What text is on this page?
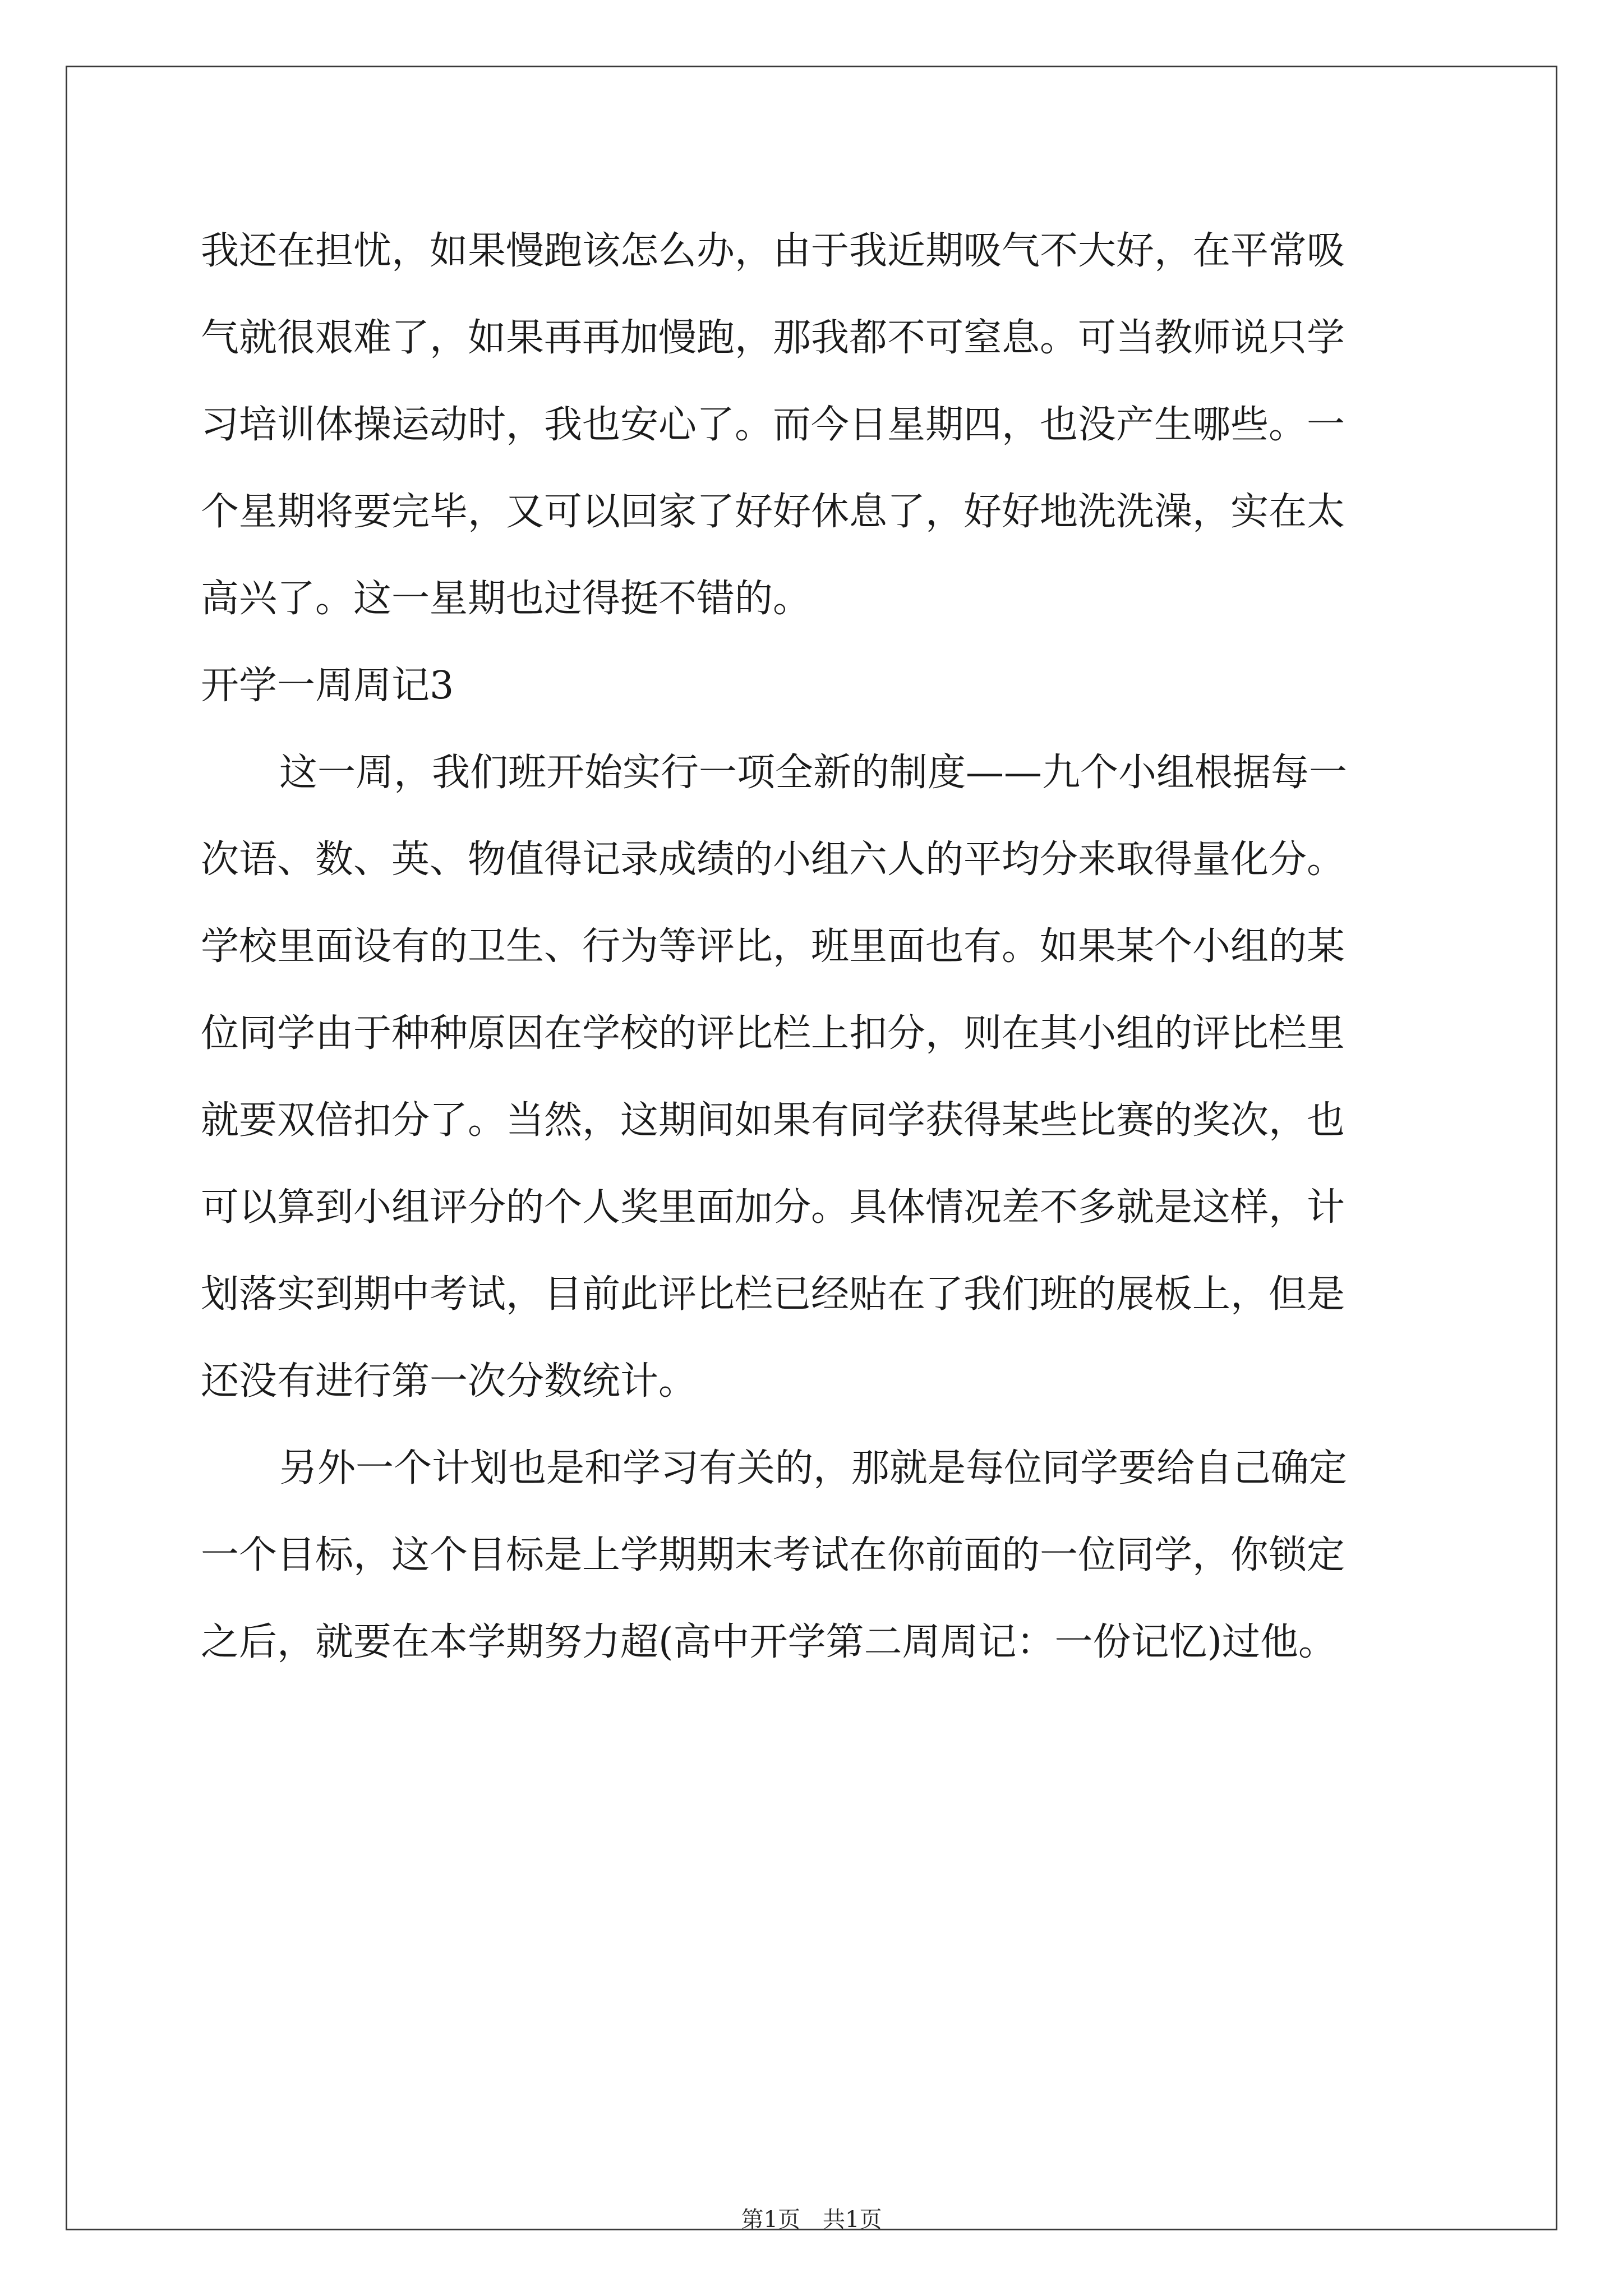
我还在担忧，如果慢跑该怎么办，由于我近期吸气不大好，在平常吸
气就很艰难了，如果再再加慢跑，那我都不可窒息。可当教师说只学
习培训体操运动时，我也安心了。而今日星期四，也没产生哪些。一
个星期将要完毕，又可以回家了好好休息了，好好地洗洗澡，实在太
高兴了。这一星期也过得挺不错的。
开学一周周记3
这一周，我们班开始实行一项全新的制度——九个小组根据每一
次语、数、英、物值得记录成绩的小组六人的平均分来取得量化分。
学校里面设有的卫生、行为等评比，班里面也有。如果某个小组的某
位同学由于种种原因在学校的评比栏上扣分，则在其小组的评比栏里
就要双倍扣分了。当然，这期间如果有同学获得某些比赛的奖次，也
可以算到小组评分的个人奖里面加分。具体情况差不多就是这样，计
划落实到期中考试，目前此评比栏已经贴在了我们班的展板上，但是
还没有进行第一次分数统计。
另外一个计划也是和学习有关的，那就是每位同学要给自己确定
一个目标，这个目标是上学期期末考试在你前面的一位同学，你锁定
之后，就要在本学期努力超(高中开学第二周周记：一份记忆)过他。
第1页 共1页
